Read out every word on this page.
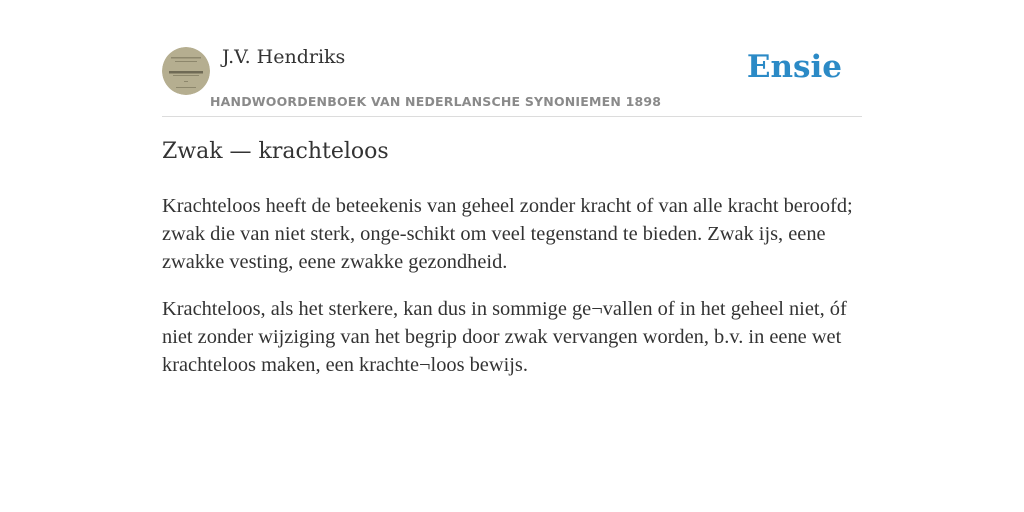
J.V. Hendriks
HANDWOORDENBOEK VAN NEDERLANSCHE SYNONIEMEN 1898
Ensie
Zwak — krachteloos

Krachteloos heeft de beteekenis van geheel zonder kracht of van alle kracht beroofd; zwak die van niet sterk, onge-schikt om veel tegenstand te bieden. Zwak ijs, eene zwakke vesting, eene zwakke gezondheid.

Krachteloos, als het sterkere, kan dus in sommige ge¬vallen of in het geheel niet, óf niet zonder wijziging van het begrip door zwak vervangen worden, b.v. in eene wet krachteloos maken, een krachte¬loos bewijs.
